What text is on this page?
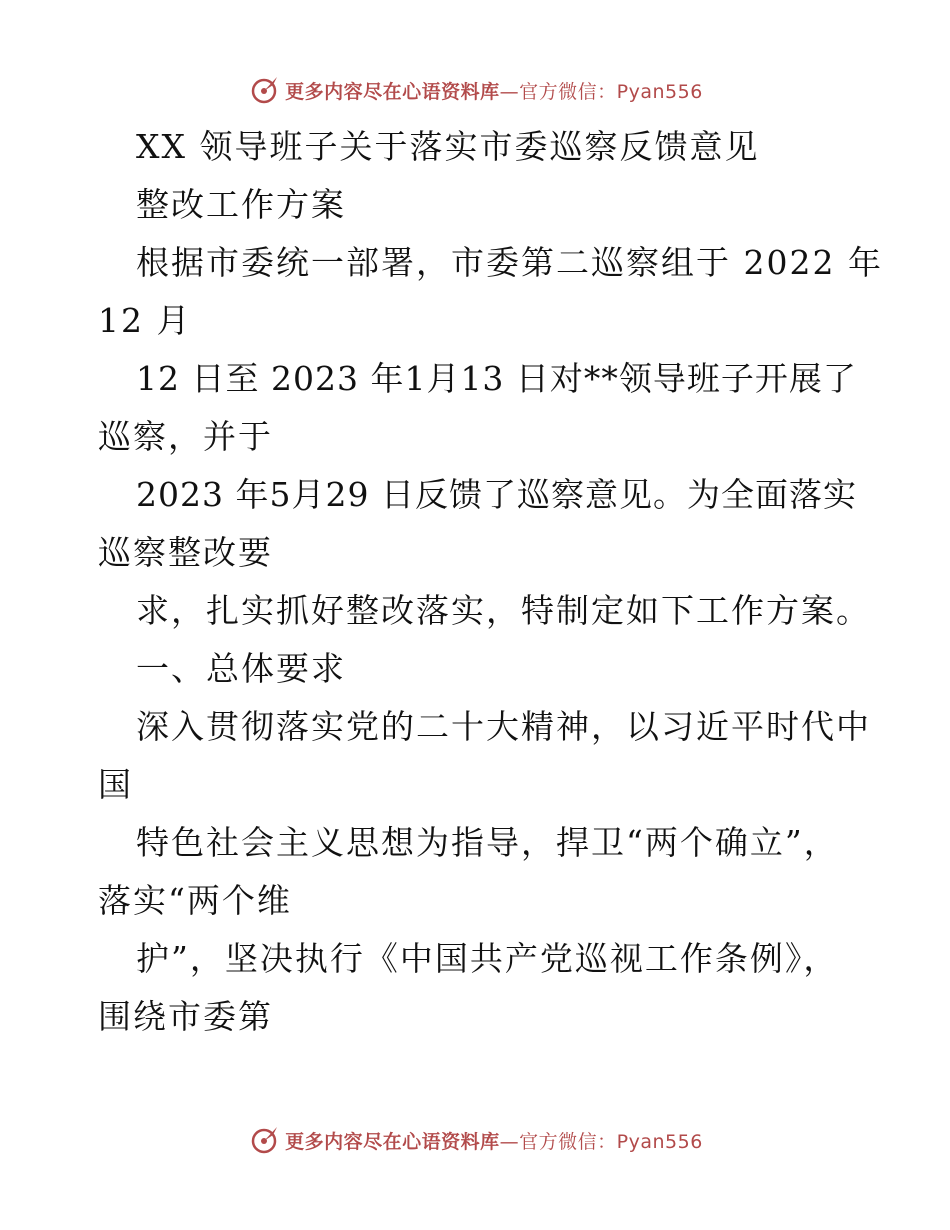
更多内容尽在心语资料库—官方微信：Pyan556
XX 领导班子关于落实市委巡察反馈意见
整改工作方案
根据市委统一部署，市委第二巡察组于 2022 年
12 月
12 日至 2023 年1月13 日对**领导班子开展了
巡察，并于
2023 年5月29 日反馈了巡察意见。为全面落实
巡察整改要
求，扎实抓好整改落实，特制定如下工作方案。
一、总体要求
深入贯彻落实党的二十大精神，以习近平时代中
国
特色社会主义思想为指导，捍卫“两个确立”，
落实“两个维
护”，坚决执行《中国共产党巡视工作条例》，
围绕市委第
更多内容尽在心语资料库—官方微信：Pyan556
